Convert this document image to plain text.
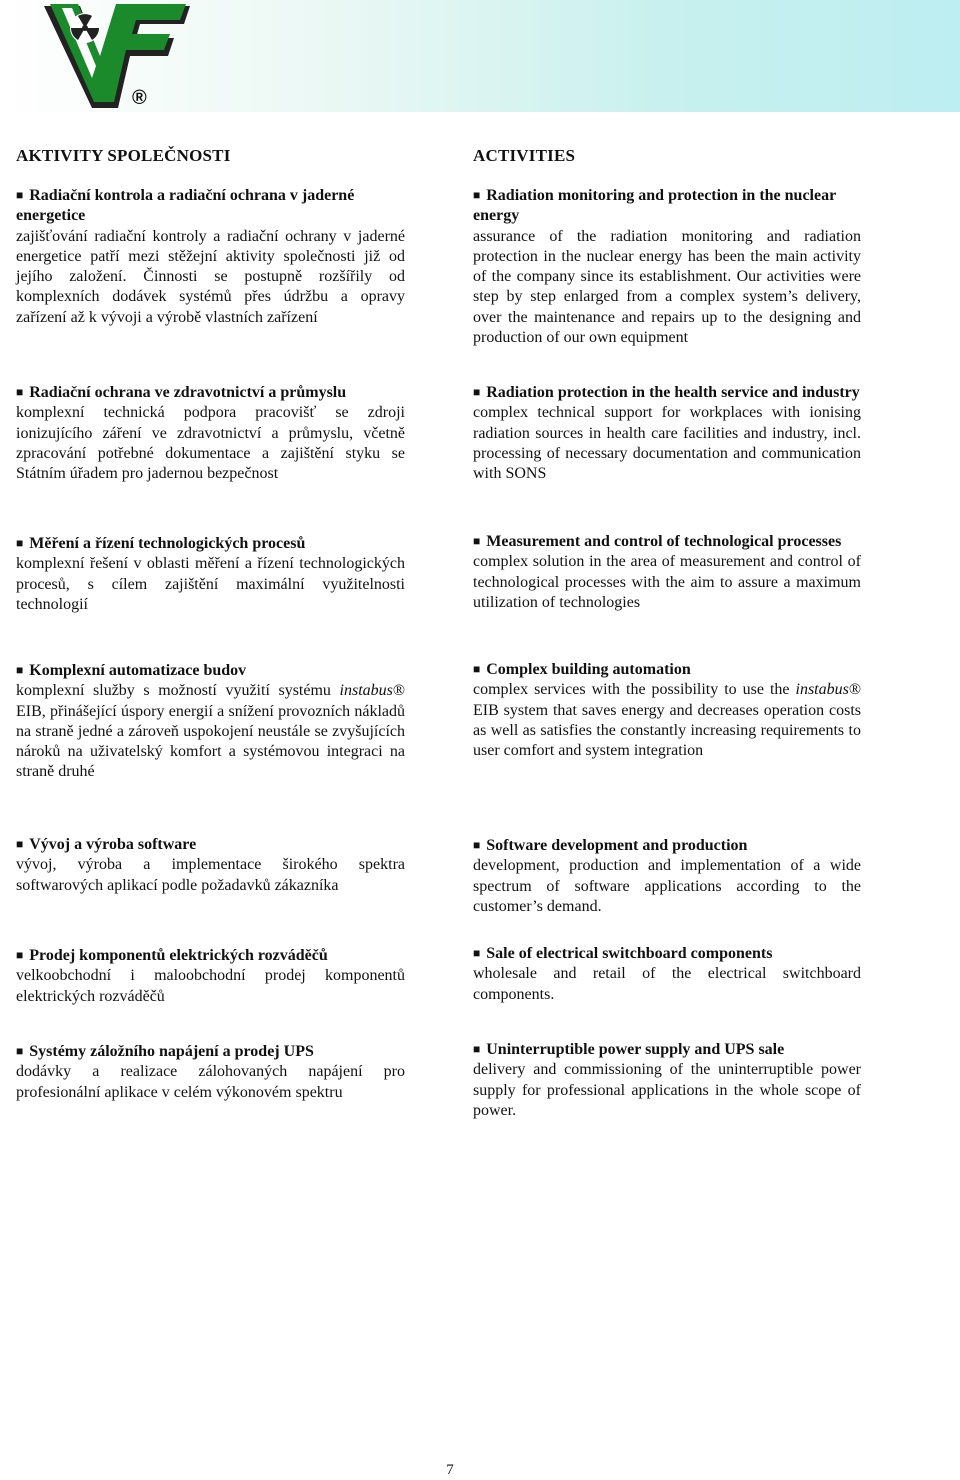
®
AKTIVITY SPOLEČNOSTI
■ Radiační kontrola a radiační ochrana v jaderné energetice
zajišťování radiační kontroly a radiační ochrany v jaderné energetice patří mezi stěžejní aktivity společnosti již od jejího založení. Činnosti se postupně rozšířily od komplexních dodávek systémů přes údržbu a opravy zařízení až k vývoji a výrobě vlastních zařízení
■ Radiační ochrana ve zdravotnictví a průmyslu
komplexní technická podpora pracovišť se zdroji ionizujícího záření ve zdravotnictví a průmyslu, včetně zpracování potřebné dokumentace a zajištění styku se Státním úřadem pro jadernou bezpečnost
■ Měření a řízení technologických procesů
komplexní řešení v oblasti měření a řízení technologických procesů, s cílem zajištění maximální využitelnosti technologií
■ Komplexní automatizace budov
komplexní služby s možností využití systému instabus® EIB, přinášející úspory energií a snížení provozních nákladů na straně jedné a zároveň uspokojení neustále se zvyšujících nároků na uživatelský komfort a systémovou integraci na straně druhé
■ Vývoj a výroba software
vývoj, výroba a implementace širokého spektra softwarových aplikací podle požadavků zákazníka
■ Prodej komponentů elektrických rozváděčů
velkoobchodní i maloobchodní prodej komponentů elektrických rozváděčů
■ Systémy záložního napájení a prodej UPS
dodávky a realizace zálohovaných napájení pro profesionální aplikace v celém výkonovém spektru
ACTIVITIES
■ Radiation monitoring and protection in the nuclear energy
assurance of the radiation monitoring and radiation protection in the nuclear energy has been the main activity of the company since its establishment. Our activities were step by step enlarged from a complex system’s delivery, over the maintenance and repairs up to the designing and production of our own equipment
■ Radiation protection in the health service and industry
complex technical support for workplaces with ionising radiation sources in health care facilities and industry, incl. processing of necessary documentation and communication with SONS
■ Measurement and control of technological processes
complex solution in the area of measurement and control of technological processes with the aim to assure a maximum utilization of technologies
■ Complex building automation
complex services with the possibility to use the instabus® EIB system that saves energy and decreases operation costs as well as satisfies the constantly increasing requirements to user comfort and system integration
■ Software development and production
development, production and implementation of a wide spectrum of software applications according to the customer’s demand.
■ Sale of electrical switchboard components
wholesale and retail of the electrical switchboard components.
■ Uninterruptible power supply and UPS sale
delivery and commissioning of the uninterruptible power supply for professional applications in the whole scope of power.
7
